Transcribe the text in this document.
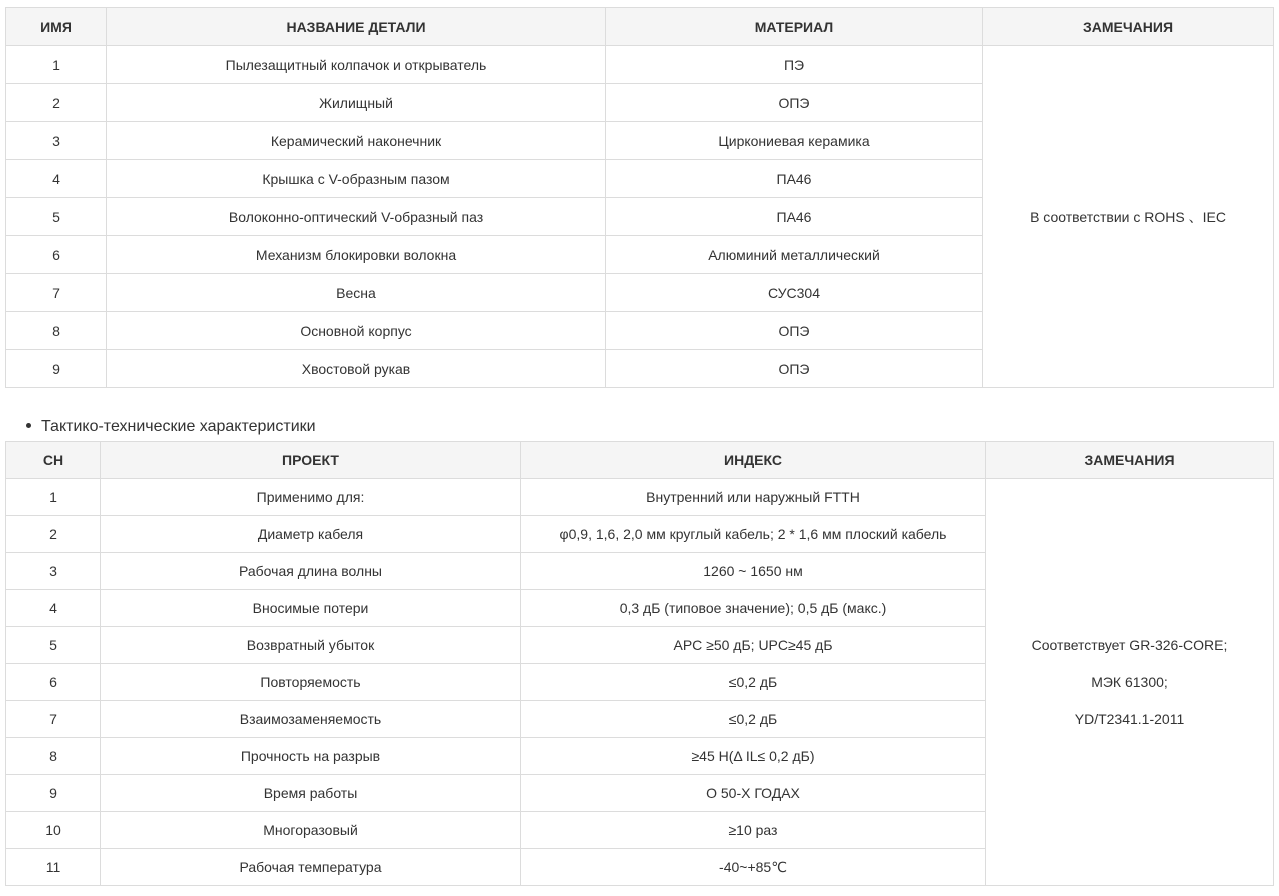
ИМЯ	НАЗВАНИЕ ДЕТАЛИ	МАТЕРИАЛ	ЗАМЕЧАНИЯ
1	Пылезащитный колпачок и открыватель	ПЭ	В соответствии с ROHS 、IEC
2	Жилищный	ОПЭ	
3	Керамический наконечник	Циркониевая керамика	
4	Крышка с V-образным пазом	ПА46	
5	Волоконно-оптический V-образный паз	ПА46	
6	Механизм блокировки волокна	Алюминий металлический	
7	Весна	СУС304	
8	Основной корпус	ОПЭ	
9	Хвостовой рукав	ОПЭ	
Тактико-технические характеристики
СН	ПРОЕКТ	ИНДЕКС	ЗАМЕЧАНИЯ
1	Применимо для:	Внутренний или наружный FTTH	Соответствует GR-326-CORE;
МЭК 61300;
YD/T2341.1-2011

2	Диаметр кабеля	φ0,9, 1,6, 2,0 мм круглый кабель; 2 * 1,6 мм плоский кабель	
3	Рабочая длина волны	1260 ~ 1650 нм	
4	Вносимые потери	0,3 дБ (типовое значение); 0,5 дБ (макс.)	
5	Возвратный убыток	APC ≥50 дБ; UPC≥45 дБ	
6	Повторяемость	≤0,2 дБ	
7	Взаимозаменяемость	≤0,2 дБ	
8	Прочность на разрыв	≥45 Н(Δ IL≤ 0,2 дБ)	
9	Время работы	О 50-Х ГОДАХ	
10	Многоразовый	≥10 раз	
11	Рабочая температура	-40~+85℃	
